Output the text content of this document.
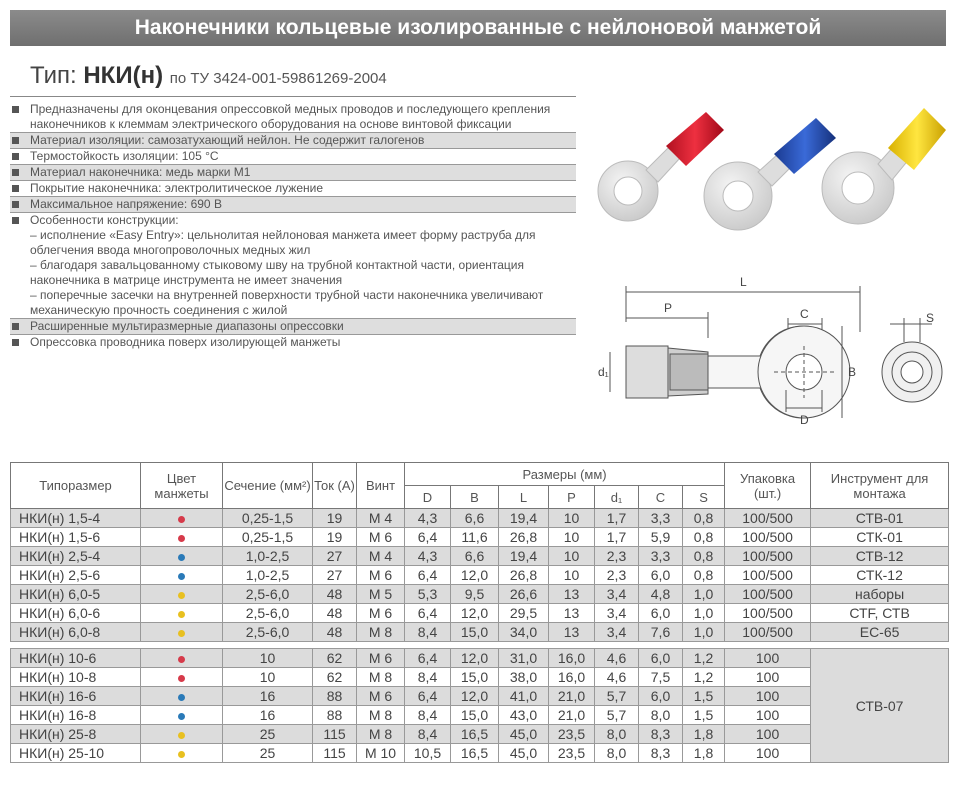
Наконечники кольцевые изолированные с нейлоновой манжетой
Тип: НКИ(н) по ТУ 3424-001-59861269-2004
Предназначены для оконцевания опрессовкой медных проводов и последующего крепления наконечников к клеммам электрического оборудования на основе винтовой фиксации
Материал изоляции: самозатухающий нейлон. Не содержит галогенов
Термостойкость изоляции: 105 °C
Материал наконечника: медь марки М1
Покрытие наконечника: электролитическое лужение
Максимальное напряжение: 690 В
Особенности конструкции:
– исполнение «Easy Entry»: цельнолитая нейлоновая манжета имеет форму раструба для облегчения ввода многопроволочных медных жил
– благодаря завальцованному стыковому шву на трубной контактной части, ориентация наконечника в матрице инструмента не имеет значения
– поперечные засечки на внутренней поверхности трубной части наконечника увеличивают механическую прочность соединения с жилой
Расширенные мультиразмерные диапазоны опрессовки
Опрессовка проводника поверх изолирующей манжеты
L
P	C
B
D
d₁
S
Типоразмер	Цвет манжеты	Сечение (мм²)	Ток (А)	Винт	Размеры (мм)							Упаковка (шт.)	Инструмент для монтажа
					D	B	L	P	d₁	C	S		
НКИ(н) 1,5-4		0,25-1,5	19	M 4	4,3	6,6	19,4	10	1,7	3,3	0,8	100/500	СТВ-01
НКИ(н) 1,5-6		0,25-1,5	19	M 6	6,4	11,6	26,8	10	1,7	5,9	0,8	100/500	СТК-01
НКИ(н) 2,5-4		1,0-2,5	27	M 4	4,3	6,6	19,4	10	2,3	3,3	0,8	100/500	СТВ-12
НКИ(н) 2,5-6		1,0-2,5	27	M 6	6,4	12,0	26,8	10	2,3	6,0	0,8	100/500	СТК-12
НКИ(н) 6,0-5		2,5-6,0	48	M 5	5,3	9,5	26,6	13	3,4	4,8	1,0	100/500	наборы
НКИ(н) 6,0-6		2,5-6,0	48	M 6	6,4	12,0	29,5	13	3,4	6,0	1,0	100/500	СТF, СТВ
НКИ(н) 6,0-8		2,5-6,0	48	M 8	8,4	15,0	34,0	13	3,4	7,6	1,0	100/500	ЕС-65

НКИ(н) 10-6		10	62	M 6	6,4	12,0	31,0	16,0	4,6	6,0	1,2	100	СТВ-07
НКИ(н) 10-8		10	62	M 8	8,4	15,0	38,0	16,0	4,6	7,5	1,2	100	
НКИ(н) 16-6		16	88	M 6	6,4	12,0	41,0	21,0	5,7	6,0	1,5	100	
НКИ(н) 16-8		16	88	M 8	8,4	15,0	43,0	21,0	5,7	8,0	1,5	100	
НКИ(н) 25-8		25	115	M 8	8,4	16,5	45,0	23,5	8,0	8,3	1,8	100	
НКИ(н) 25-10		25	115	M 10	10,5	16,5	45,0	23,5	8,0	8,3	1,8	100	
